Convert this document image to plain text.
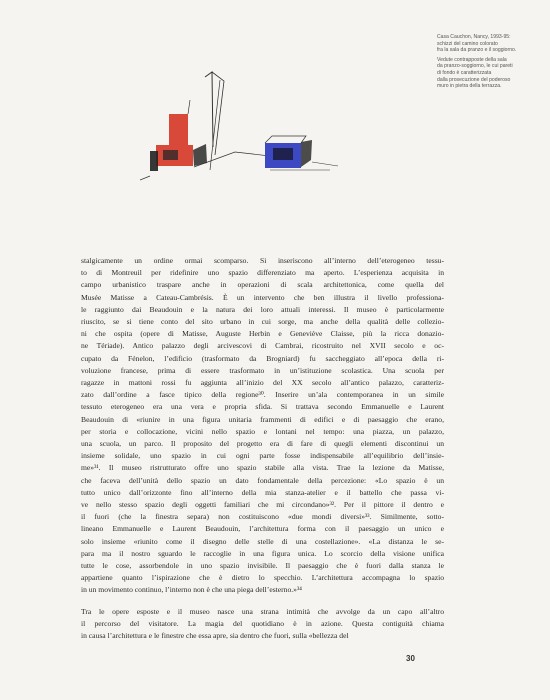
Casa Cauchon, Nancy, 1993-95:
schizzi del camino colorato
fra la sala da pranzo e il soggiorno.

Vedute contrapposte della sala
da pranzo-soggiorno, le cui pareti
di fondo è caratterizzata
dalla prosecuzione del poderoso
muro in pietra della terrazza.

stalgicamente un ordine ormai scomparso. Si inseriscono all’interno dell’eterogeneo tessu-
to di Montreuil per ridefinire uno spazio differenziato ma aperto. L’esperienza acquisita in
campo urbanistico traspare anche in operazioni di scala architettonica, come quella del
Musée Matisse a Cateau-Cambrésis. È un intervento che ben illustra il livello professiona-
le raggiunto dai Beaudouin e la natura dei loro attuali interessi. Il museo è particolarmente
riuscito, se si tiene conto del sito urbano in cui sorge, ma anche della qualità delle collezio-
ni che ospita (opere di Matisse, Auguste Herbin e Geneviève Claisse, più la ricca donazio-
ne Tériade). Antico palazzo degli arcivescovi di Cambrai, ricostruito nel XVII secolo e oc-
cupato da Fénelon, l’edificio (trasformato da Brogniard) fu saccheggiato all’epoca della ri-
voluzione francese, prima di essere trasformato in un’istituzione scolastica. Una scuola per
ragazze in mattoni rossi fu aggiunta all’inizio del XX secolo all’antico palazzo, caratteriz-
zato dall’ordine a fasce tipico della regione³⁰. Inserire un’ala contemporanea in un simile
tessuto eterogeneo era una vera e propria sfida. Si trattava secondo Emmanuelle e Laurent
Beaudouin di «riunire in una figura unitaria frammenti di edifici e di paesaggio che erano,
per storia e collocazione, vicini nello spazio e lontani nel tempo: una piazza, un palazzo,
una scuola, un parco. Il proposito del progetto era di fare di quegli elementi discontinui un
insieme solidale, uno spazio in cui ogni parte fosse indispensabile all’equilibrio dell’insie-
me»³¹. Il museo ristrutturato offre uno spazio stabile alla vista. Trae la lezione da Matisse,
che faceva dell’unità dello spazio un dato fondamentale della percezione: «Lo spazio è un
tutto unico dall’orizzonte fino all’interno della mia stanza-atelier e il battello che passa vi-
ve nello stesso spazio degli oggetti familiari che mi circondano»³². Per il pittore il dentro e
il fuori (che la finestra separa) non costituiscono «due mondi diversi»³³. Similmente, sotto-
lineano Emmanuelle e Laurent Beaudouin, l’architettura forma con il paesaggio un unico e
solo insieme «riunito come il disegno delle stelle di una costellazione». «La distanza le se-
para ma il nostro sguardo le raccoglie in una figura unica. Lo scorcio della visione unifica
tutte le cose, assorbendole in uno spazio invisibile. Il paesaggio che è fuori dalla stanza le
appartiene quanto l’ispirazione che è dietro lo specchio. L’architettura accompagna lo spazio
in un movimento continuo, l’interno non è che una piega dell’esterno.»³⁴
Tra le opere esposte e il museo nasce una strana intimità che avvolge da un capo all’altro
il percorso del visitatore. La magia del quotidiano è in azione. Questa contiguità chiama
in causa l’architettura e le finestre che essa apre, sia dentro che fuori, sulla «bellezza del
30
